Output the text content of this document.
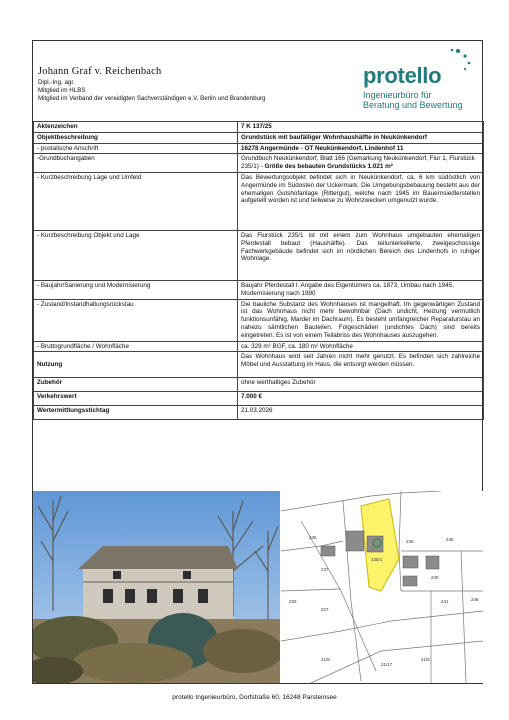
Johann Graf v. Reichenbach
Dipl.-Ing. agr.
Mitglied im HLBS
Mitglied im Verband der vereidigten Sachverständigen e.V. Berlin und Brandenburg
protello
Ingenieurbüro für
Beratung und Bewertung
Aktenzeichen	7 K 137/25
Objektbeschreibung	Grundstück mit baufälliger Wohnhaushälfte in Neukünkendorf
- postalische Anschrift	16278 Angermünde - OT Neukünkendorf, Lindenhof 11
-Grundbuchangaben	Grundbuch Neukünkendorf, Blatt 166 (Gemarkung Neukünkendorf, Flur 1, Flurstück 235/1) - Größe des bebauten Grundstücks 1.021 m²
- Kurzbeschreibung Lage und Umfeld	Das Bewertungsobjekt befindet sich in Neukünkendorf, ca. 6 km südöstlich von Angermünde im Südosten der Uckermark. Die Umgebungsbebauung besteht aus der ehemaligen Gutshofanlage (Rittergut), welche nach 1945 im Bauernsiedlerstellen aufgeteilt worden ist und teilweise zu Wohnzwecken umgenutzt wurde.
- Kurzbeschreibung Objekt und Lage	Das Flurstück 235/1 ist mit einem zum Wohnhaus umgebauten ehemaligen Pferdestall bebaut (Haushälfte). Das teilunterkellerte, zweigeschossige Fachwerkgebäude befindet sich im nördlichen Bereich des Lindenhofs in ruhiger Wohnlage.
- Baujahr/Sanierung und Modernisierung	Baujahr Pferdestall l. Angabe des Eigentümers ca. 1873, Umbau nach 1945, Modernisierung nach 1990
- Zustand/Instandhaltungsrückstau	Die bauliche Substanz des Wohnhauses ist mangelhaft. Im gegenwärtigen Zustand ist das Wohnhaus nicht mehr bewohnbar (Dach undicht, Heizung vermutlich funktionsunfähig, Marder im Dachraum). Es besteht umfangreicher Reparaturstau an nahezu sämtlichen Bauteilen. Folgeschäden (undichtes Dach) sind bereits eingetreten. Es ist von einem Teilabriss des Wohnhauses auszugehen.
- Bruttogrundfläche / Wohnfläche	ca. 329 m² BGF, ca. 180 m² Wohnfläche
Nutzung	Das Wohnhaus wird seit Jahren nicht mehr genutzt. Es befinden sich zahlreiche Möbel und Ausstattung im Haus, die entsorgt werden müssen.
Zubehör	ohne werthaltiges Zubehör
Verkehrswert	7.000 €
Wertermittlungsstichtag	21.03.2026
235/1
240
236
237
238	245
241	246
227
21/17
21/8	21/6
233
protello Ingenieurbüro, Dorfstraße 60, 16248 Parsteinsee
